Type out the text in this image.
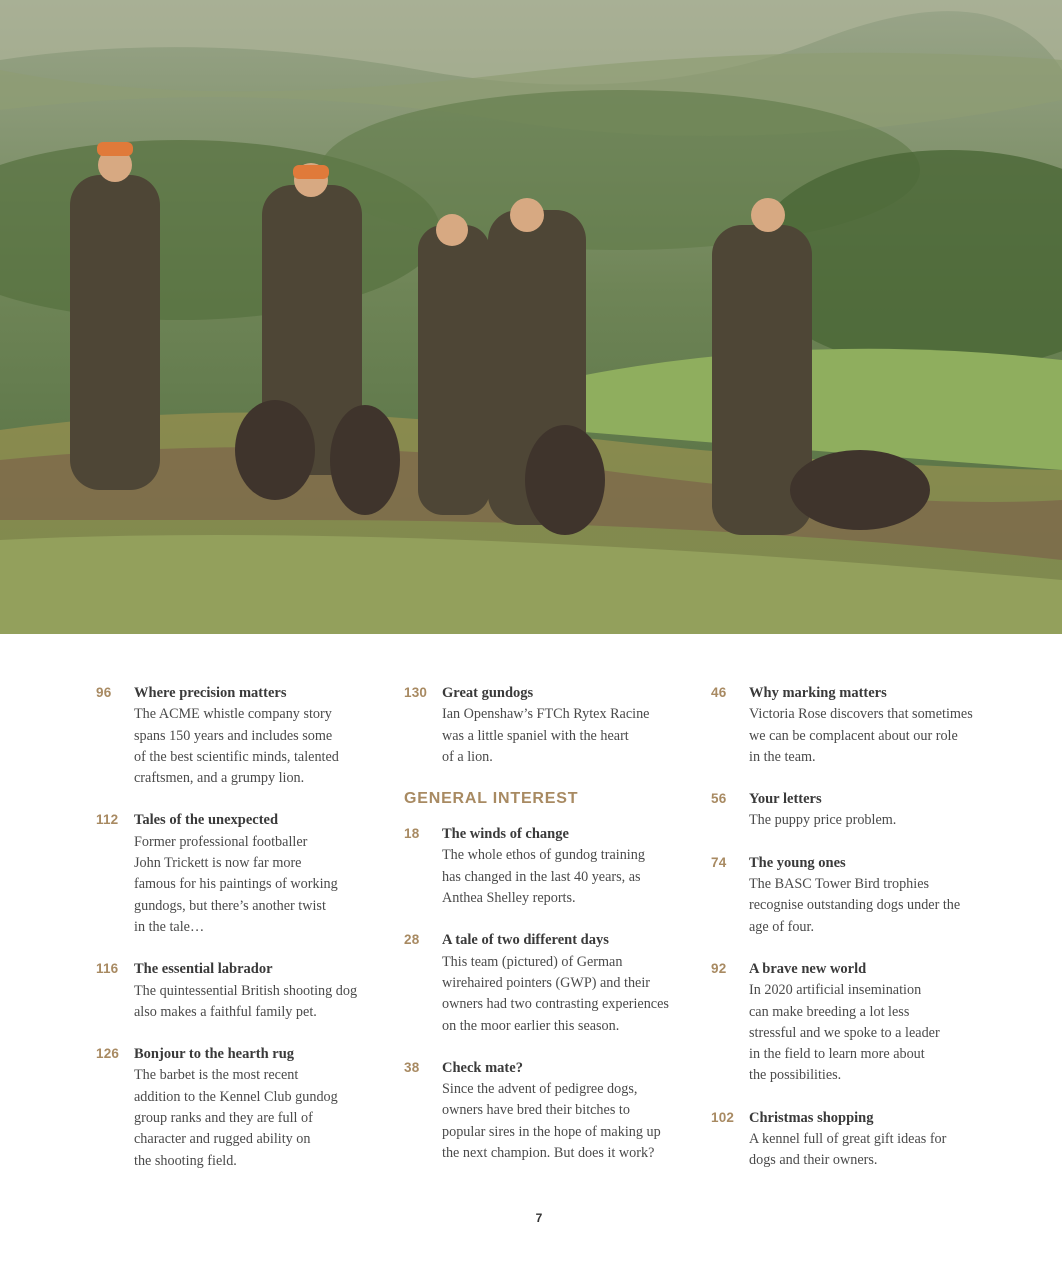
96 Where precision matters
The ACME whistle company story
spans 150 years and includes some
of the best scientific minds, talented
craftsmen, and a grumpy lion.
112 Tales of the unexpected
Former professional footballer
John Trickett is now far more
famous for his paintings of working
gundogs, but there’s another twist
in the tale…
116 The essential labrador
The quintessential British shooting dog
also makes a faithful family pet.
126 Bonjour to the hearth rug
The barbet is the most recent
addition to the Kennel Club gundog
group ranks and they are full of
character and rugged ability on
the shooting field.
130 Great gundogs
Ian Openshaw’s FTCh Rytex Racine
was a little spaniel with the heart
of a lion.
GENERAL INTEREST
18 The winds of change
The whole ethos of gundog training
has changed in the last 40 years, as
Anthea Shelley reports.
28 A tale of two different days
This team (pictured) of German
wirehaired pointers (GWP) and their
owners had two contrasting experiences
on the moor earlier this season.
38 Check mate?
Since the advent of pedigree dogs,
owners have bred their bitches to
popular sires in the hope of making up
the next champion. But does it work?
46 Why marking matters
Victoria Rose discovers that sometimes
we can be complacent about our role
in the team.
56 Your letters
The puppy price problem.
74 The young ones
The BASC Tower Bird trophies
recognise outstanding dogs under the
age of four.
92 A brave new world
In 2020 artificial insemination
can make breeding a lot less
stressful and we spoke to a leader
in the field to learn more about
the possibilities.
102 Christmas shopping
A kennel full of great gift ideas for
dogs and their owners.
7
